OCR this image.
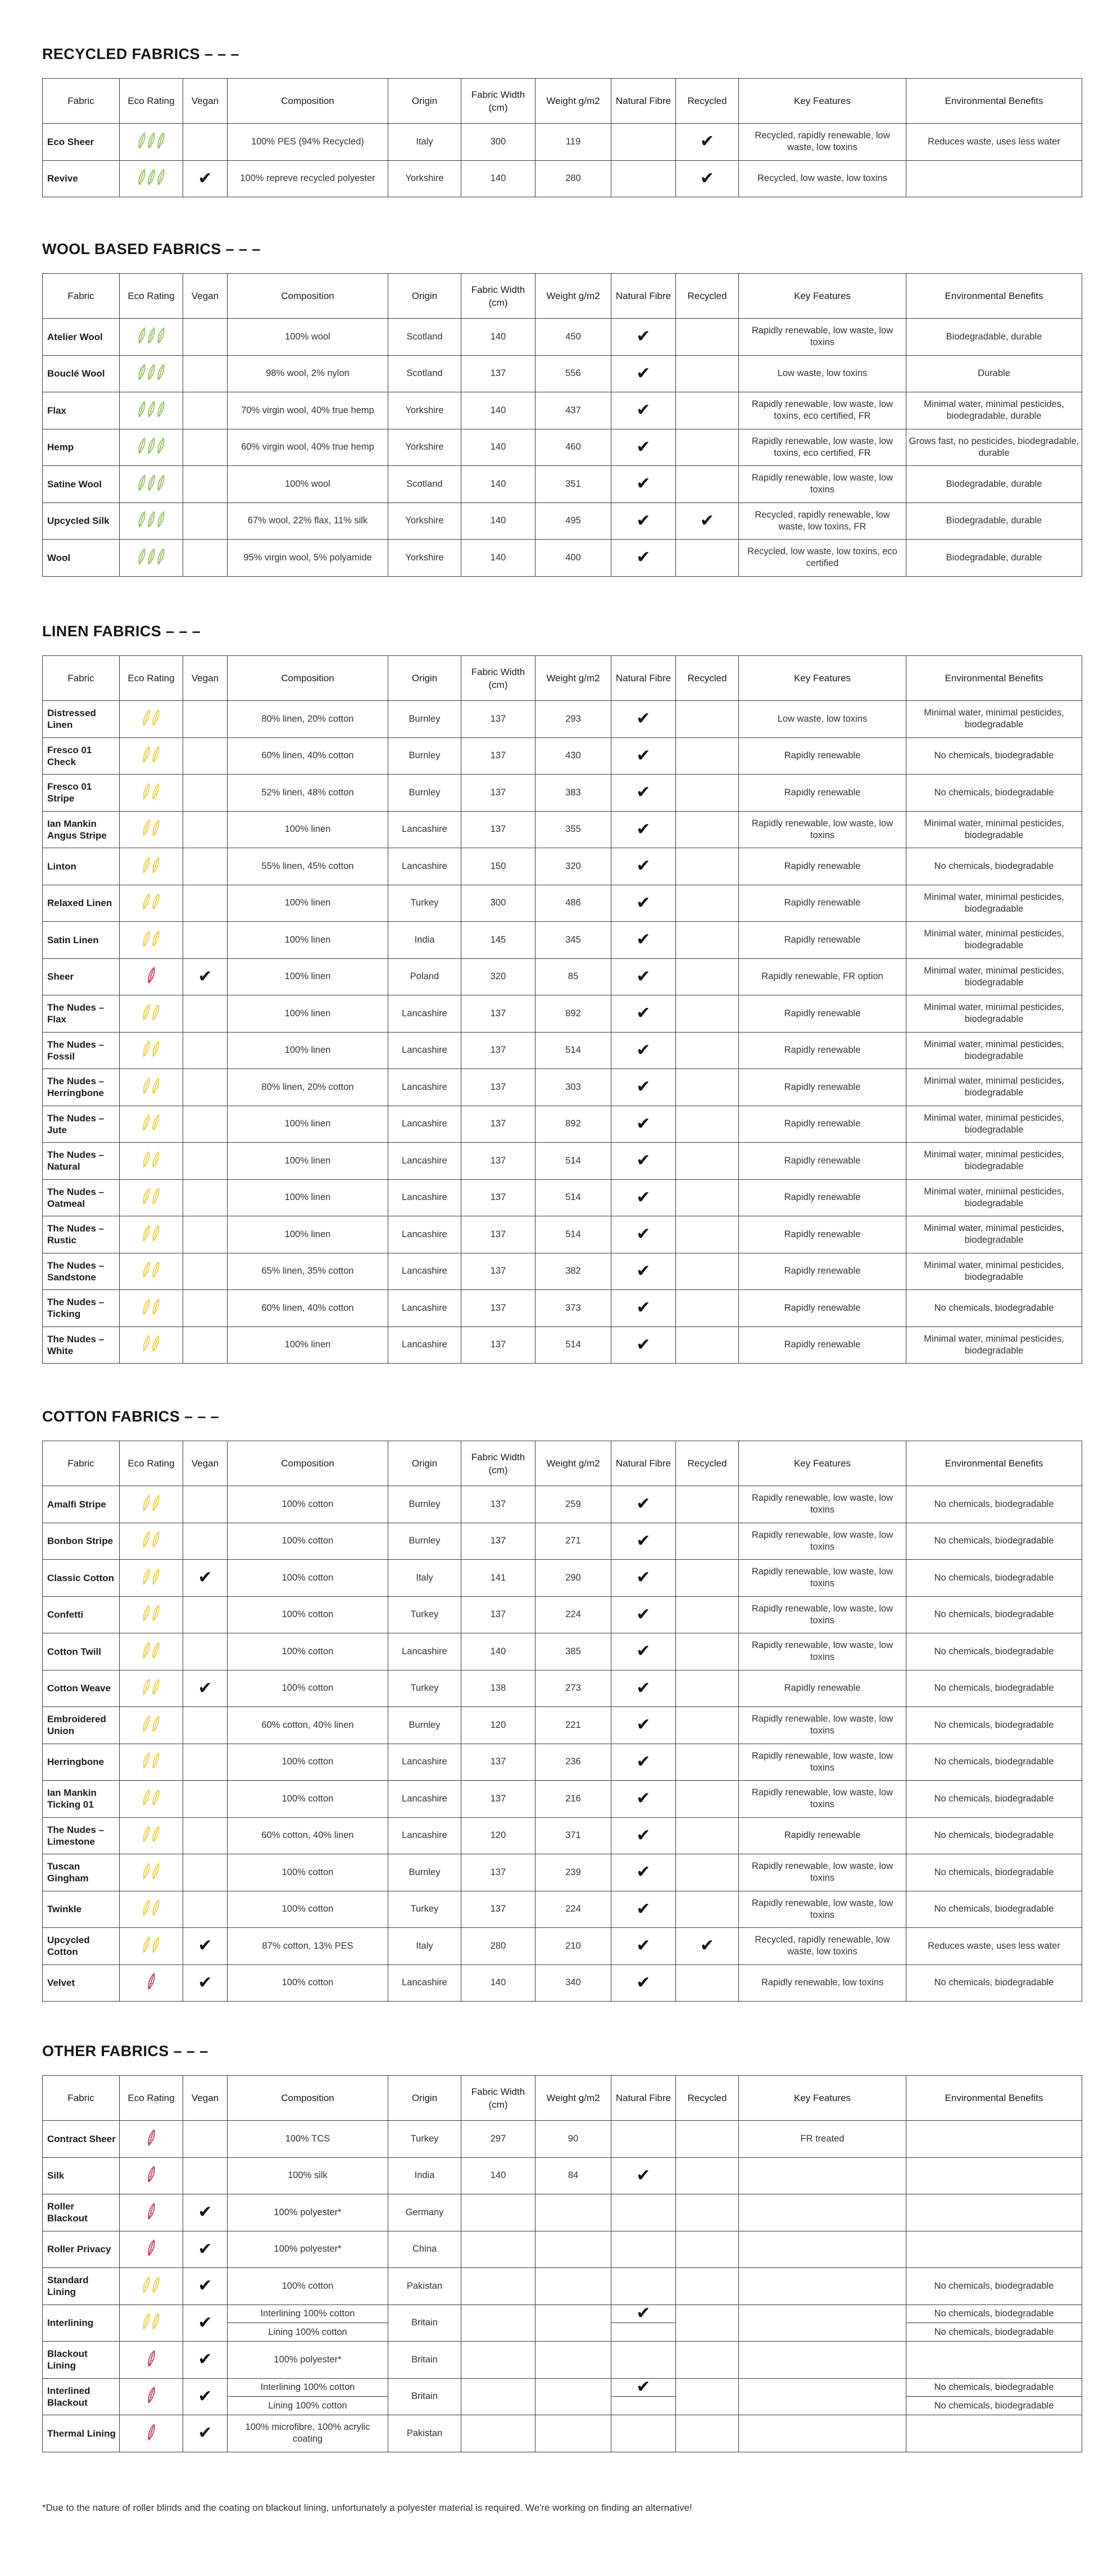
RECYCLED FABRICS – – –
Fabric	Eco Rating	Vegan	Composition	Origin	Fabric Width (cm)	Weight g/m2	Natural Fibre	Recycled	Key Features	Environmental Benefits
Eco Sheer			100% PES (94% Recycled)	Italy	300	119		✔	Recycled, rapidly renewable, low waste, low toxins	Reduces waste, uses less water
Revive		✔	100% repreve recycled polyester	Yorkshire	140	280		✔	Recycled, low waste, low toxins	
WOOL BASED FABRICS – – –
Fabric	Eco Rating	Vegan	Composition	Origin	Fabric Width (cm)	Weight g/m2	Natural Fibre	Recycled	Key Features	Environmental Benefits
Atelier Wool			100% wool	Scotland	140	450	✔		Rapidly renewable, low waste, low toxins	Biodegradable, durable
Bouclé Wool			98% wool, 2% nylon	Scotland	137	556	✔		Low waste, low toxins	Durable
Flax			70% virgin wool, 40% true hemp	Yorkshire	140	437	✔		Rapidly renewable, low waste, low toxins, eco certified, FR	Minimal water, minimal pesticides, biodegradable, durable
Hemp			60% virgin wool, 40% true hemp	Yorkshire	140	460	✔		Rapidly renewable, low waste, low toxins, eco certified, FR	Grows fast, no pesticides, biodegradable, durable
Satine Wool			100% wool	Scotland	140	351	✔		Rapidly renewable, low waste, low toxins	Biodegradable, durable
Upcycled Silk			67% wool, 22% flax, 11% silk	Yorkshire	140	495	✔	✔	Recycled, rapidly renewable, low waste, low toxins, FR	Biodegradable, durable
Wool			95% virgin wool, 5% polyamide	Yorkshire	140	400	✔		Recycled, low waste, low toxins, eco certified	Biodegradable, durable
LINEN FABRICS – – –
Fabric	Eco Rating	Vegan	Composition	Origin	Fabric Width (cm)	Weight g/m2	Natural Fibre	Recycled	Key Features	Environmental Benefits
Distressed Linen			80% linen, 20% cotton	Burnley	137	293	✔		Low waste, low toxins	Minimal water, minimal pesticides, biodegradable
Fresco 01 Check			60% linen, 40% cotton	Burnley	137	430	✔		Rapidly renewable	No chemicals, biodegradable
Fresco 01 Stripe			52% linen, 48% cotton	Burnley	137	383	✔		Rapidly renewable	No chemicals, biodegradable
Ian Mankin Angus Stripe			100% linen	Lancashire	137	355	✔		Rapidly renewable, low waste, low toxins	Minimal water, minimal pesticides, biodegradable
Linton			55% linen, 45% cotton	Lancashire	150	320	✔		Rapidly renewable	No chemicals, biodegradable
Relaxed Linen			100% linen	Turkey	300	486	✔		Rapidly renewable	Minimal water, minimal pesticides, biodegradable
Satin Linen			100% linen	India	145	345	✔		Rapidly renewable	Minimal water, minimal pesticides, biodegradable
Sheer		✔	100% linen	Poland	320	85	✔		Rapidly renewable, FR option	Minimal water, minimal pesticides, biodegradable
The Nudes – Flax			100% linen	Lancashire	137	892	✔		Rapidly renewable	Minimal water, minimal pesticides, biodegradable
The Nudes – Fossil			100% linen	Lancashire	137	514	✔		Rapidly renewable	Minimal water, minimal pesticides, biodegradable
The Nudes – Herringbone			80% linen, 20% cotton	Lancashire	137	303	✔		Rapidly renewable	Minimal water, minimal pesticides, biodegradable
The Nudes – Jute			100% linen	Lancashire	137	892	✔		Rapidly renewable	Minimal water, minimal pesticides, biodegradable
The Nudes – Natural			100% linen	Lancashire	137	514	✔		Rapidly renewable	Minimal water, minimal pesticides, biodegradable
The Nudes – Oatmeal			100% linen	Lancashire	137	514	✔		Rapidly renewable	Minimal water, minimal pesticides, biodegradable
The Nudes – Rustic			100% linen	Lancashire	137	514	✔		Rapidly renewable	Minimal water, minimal pesticides, biodegradable
The Nudes – Sandstone			65% linen, 35% cotton	Lancashire	137	382	✔		Rapidly renewable	Minimal water, minimal pesticides, biodegradable
The Nudes – Ticking			60% linen, 40% cotton	Lancashire	137	373	✔		Rapidly renewable	No chemicals, biodegradable
The Nudes – White			100% linen	Lancashire	137	514	✔		Rapidly renewable	Minimal water, minimal pesticides, biodegradable
COTTON FABRICS – – –
Fabric	Eco Rating	Vegan	Composition	Origin	Fabric Width (cm)	Weight g/m2	Natural Fibre	Recycled	Key Features	Environmental Benefits
Amalfi Stripe			100% cotton	Burnley	137	259	✔		Rapidly renewable, low waste, low toxins	No chemicals, biodegradable
Bonbon Stripe			100% cotton	Burnley	137	271	✔		Rapidly renewable, low waste, low toxins	No chemicals, biodegradable
Classic Cotton		✔	100% cotton	Italy	141	290	✔		Rapidly renewable, low waste, low toxins	No chemicals, biodegradable
Confetti			100% cotton	Turkey	137	224	✔		Rapidly renewable, low waste, low toxins	No chemicals, biodegradable
Cotton Twill			100% cotton	Lancashire	140	385	✔		Rapidly renewable, low waste, low toxins	No chemicals, biodegradable
Cotton Weave		✔	100% cotton	Turkey	138	273	✔		Rapidly renewable	No chemicals, biodegradable
Embroidered Union			60% cotton, 40% linen	Burnley	120	221	✔		Rapidly renewable, low waste, low toxins	No chemicals, biodegradable
Herringbone			100% cotton	Lancashire	137	236	✔		Rapidly renewable, low waste, low toxins	No chemicals, biodegradable
Ian Mankin Ticking 01			100% cotton	Lancashire	137	216	✔		Rapidly renewable, low waste, low toxins	No chemicals, biodegradable
The Nudes – Limestone			60% cotton, 40% linen	Lancashire	120	371	✔		Rapidly renewable	No chemicals, biodegradable
Tuscan Gingham			100% cotton	Burnley	137	239	✔		Rapidly renewable, low waste, low toxins	No chemicals, biodegradable
Twinkle			100% cotton	Turkey	137	224	✔		Rapidly renewable, low waste, low toxins	No chemicals, biodegradable
Upcycled Cotton		✔	87% cotton, 13% PES	Italy	280	210	✔	✔	Recycled, rapidly renewable, low waste, low toxins	Reduces waste, uses less water
Velvet		✔	100% cotton	Lancashire	140	340	✔		Rapidly renewable, low toxins	No chemicals, biodegradable
OTHER FABRICS – – –
Fabric	Eco Rating	Vegan	Composition	Origin	Fabric Width (cm)	Weight g/m2	Natural Fibre	Recycled	Key Features	Environmental Benefits
Contract Sheer			100% TCS	Turkey	297	90			FR treated	
Silk			100% silk	India	140	84	✔			
Roller Blackout		✔	100% polyester*	Germany						
Roller Privacy		✔	100% polyester*	China						
Standard Lining		✔	100% cotton	Pakistan						No chemicals, biodegradable
Interlining		✔	Interlining 100% cotton	Britain			✔			No chemicals, biodegradable
			Lining 100% cotton							No chemicals, biodegradable
Blackout Lining		✔	100% polyester*	Britain						
Interlined Blackout		✔	Interlining 100% cotton	Britain			✔			No chemicals, biodegradable
			Lining 100% cotton							No chemicals, biodegradable
Thermal Lining		✔	100% microfibre, 100% acrylic coating	Pakistan						
*Due to the nature of roller blinds and the coating on blackout lining, unfortunately a polyester material is required. We're working on finding an alternative!
